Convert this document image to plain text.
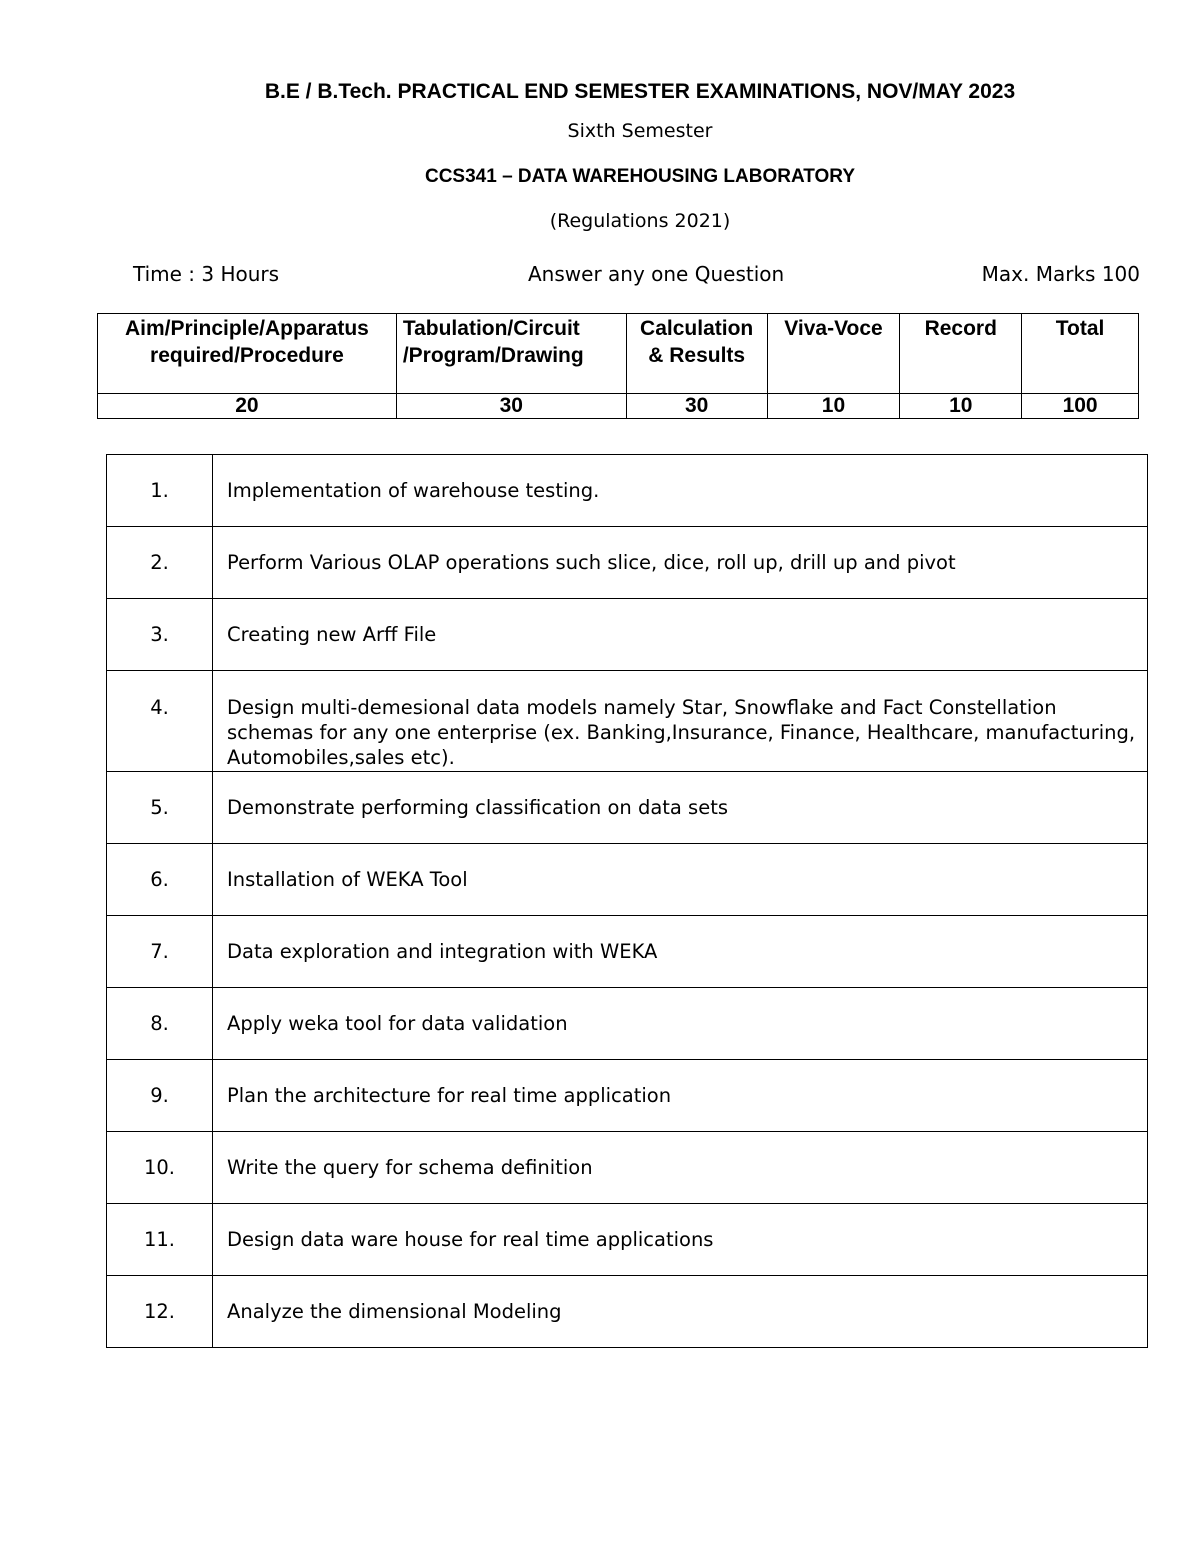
B.E / B.Tech. PRACTICAL END SEMESTER EXAMINATIONS, NOV/MAY 2023
Sixth Semester
CCS341 – DATA WAREHOUSING LABORATORY
(Regulations 2021)
Time : 3 Hours	Answer any one Question	Max. Marks 100
Aim/Principle/Apparatus required/Procedure	Tabulation/Circuit /Program/Drawing	Calculation & Results	Viva-Voce	Record	Total
20	30	30	10	10	100
1.	Implementation of warehouse testing.
2.	Perform Various OLAP operations such slice, dice, roll up, drill up and pivot
3.	Creating new Arff File
4.	Design multi-demesional data models namely Star, Snowflake and Fact Constellation schemas for any one enterprise (ex. Banking,Insurance, Finance, Healthcare, manufacturing, Automobiles,sales etc).
5.	Demonstrate performing classification on data sets
6.	Installation of WEKA Tool
7.	Data exploration and integration with WEKA
8.	Apply weka tool for data validation
9.	Plan the architecture for real time application
10.	Write the query for schema definition
11.	Design data ware house for real time applications
12.	Analyze the dimensional Modeling
